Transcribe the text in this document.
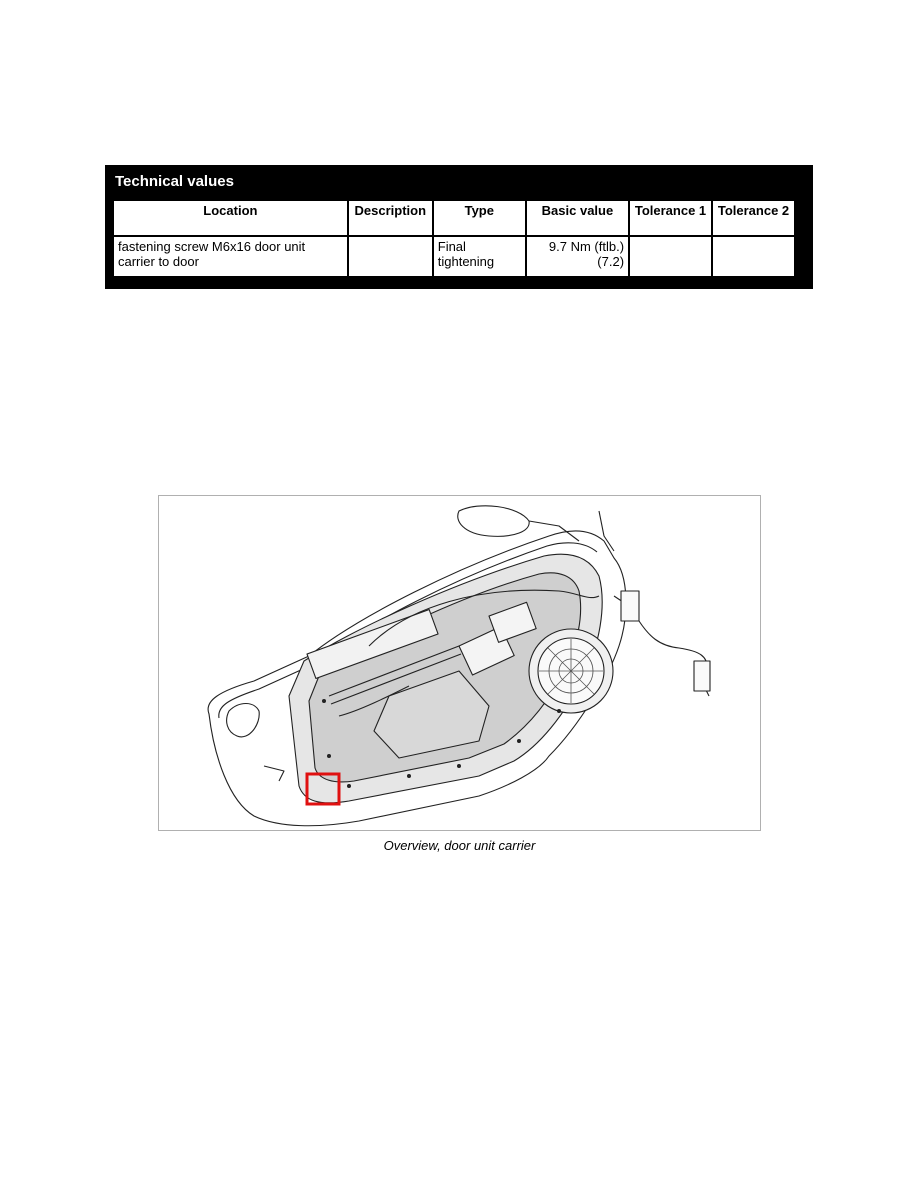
Technical values
Location	Description	Type	Basic value	Tolerance 1	Tolerance 2
fastening screw M6x16 door unit carrier to door		Final tightening	9.7 Nm (ftlb.) (7.2)		
Overview, door unit carrier
